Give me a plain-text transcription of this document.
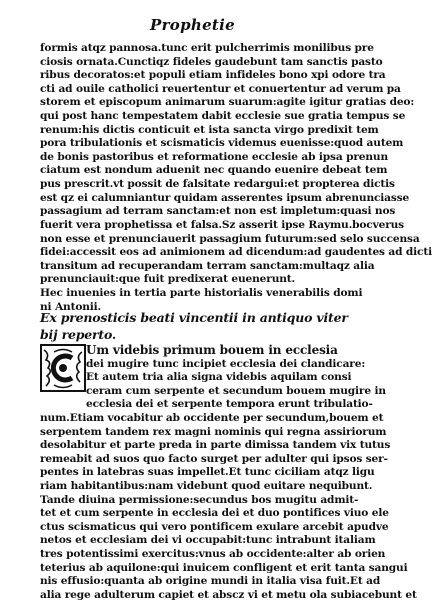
Prophetie
formis atqz pannosa.tunc erit pulcherrimis monilibus pre
ciosis ornata.Cunctiqz fideles gaudebunt tam sanctis pasto
ribus decoratos:et populi etiam infideles bono xpi odore tra
cti ad ouile catholici reuertentur et conuertentur ad verum pa
storem et episcopum animarum suarum:agite igitur gratias deo:
qui post hanc tempestatem dabit ecclesie sue gratia tempus se
renum:his dictis conticuit et ista sancta virgo predixit tem
pora tribulationis et scismaticis videmus euenisse:quod autem
de bonis pastoribus et reformatione ecclesie ab ipsa prenun
ciatum est nondum aduenit nec quando euenire debeat tem
pus prescrit.vt possit de falsitate redargui:et propterea dictis
est qz ei calumniantur quidam asserentes ipsum abrenunciasse
passagium ad terram sanctam:et non est impletum:quasi nos
fuerit vera prophetissa et falsa.Sz asserit ipse Raymu.bocverus
non esse et prenunciauerit passagium futurum:sed selo succensa
fidei:accessit eos ad animionem ad dicendum:ad gaudentes ad dicti
transitum ad recuperandam terram sanctam:multaqz alia
prenunciauit:que fuit predixerat euenerunt.
Hec inuenies in tertia parte historialis venerabilis domi
ni Antonii.
Ex prenosticis beati vincentii in antiquo viter
bij reperto.
Um videbis primum bouem in ecclesia
dei mugire tunc incipiet ecclesia dei clandicare:
Et autem tria alia signa videbis aquilam consi
ceram cum serpente et secundum bouem mugire in
ecclesia dei et serpente tempora erunt tribulatio-
num.Etiam vocabitur ab occidente per secundum,bouem et
serpentem tandem rex magni nominis qui regna assiriorum
desolabitur et parte preda in parte dimissa tandem vix tutus
remeabit ad suos quo facto surget per adulter qui ipsos ser-
pentes in latebras suas impellet.Et tunc ciciliam atqz ligu
riam habitantibus:nam videbunt quod euitare nequibunt.
Tande diuina permissione:secundus bos mugitu admit-
tet et cum serpente in ecclesia dei et duo pontifices viuo ele
ctus scismaticus qui vero pontificem exulare arcebit apudve
netos et ecclesiam dei vi occupabit:tunc intrabunt italiam
tres potentissimi exercitus:vnus ab occidente:alter ab orien
teterius ab aquilone:qui inuicem confligent et erit tanta sangui
nis effusio:quanta ab origine mundi in italia visa fuit.Et ad
alia rege adulterum capiet et abscz vi et metu ola subiacebunt et
